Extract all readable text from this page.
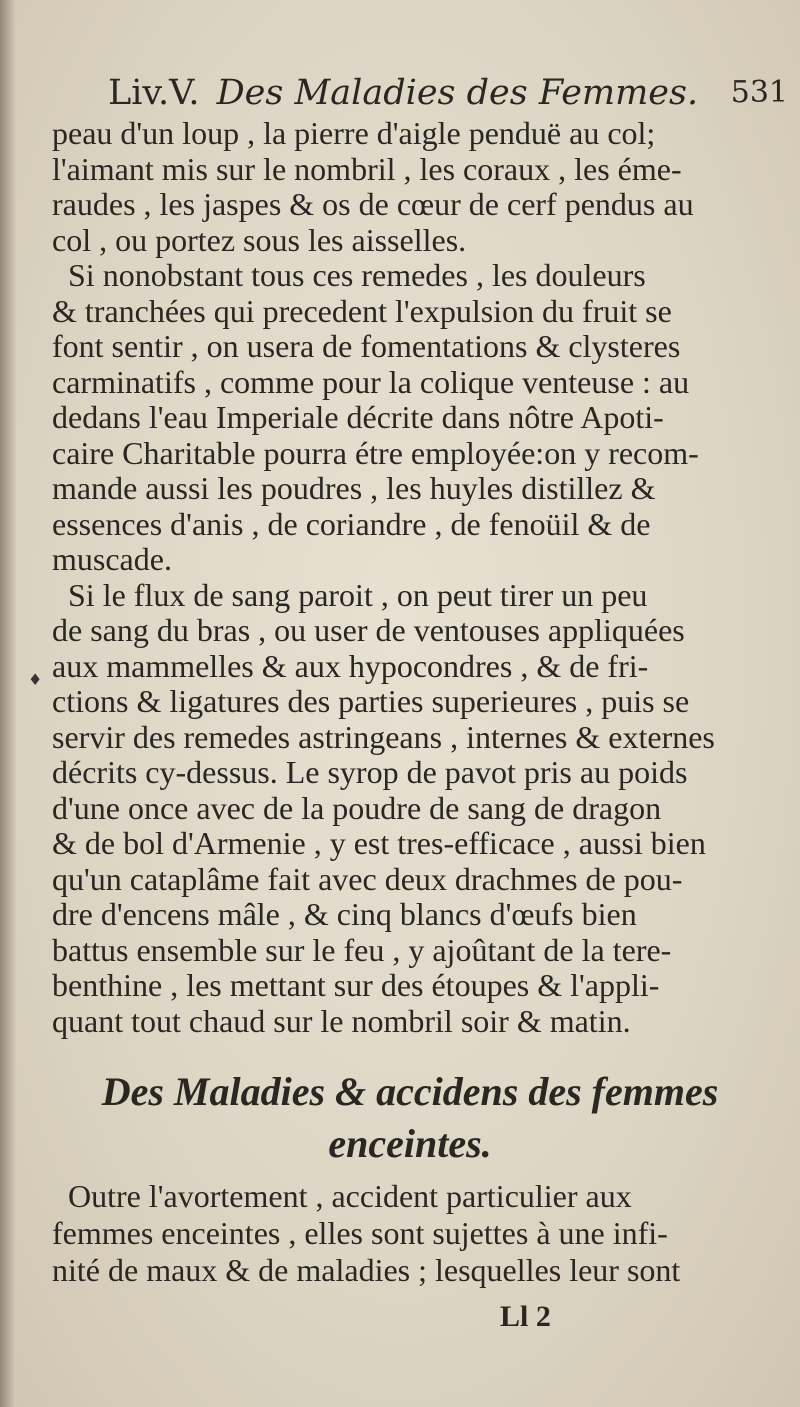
Liv.V. Des Maladies des Femmes. 531
peau d'un loup , la pierre d'aigle penduë au col;
l'aimant mis sur le nombril , les coraux , les éme-
raudes , les jaspes & os de cœur de cerf pendus au
col , ou portez sous les aisselles.
Si nonobstant tous ces remedes , les douleurs
& tranchées qui precedent l'expulsion du fruit se
font sentir , on usera de fomentations & clysteres
carminatifs , comme pour la colique venteuse : au
dedans l'eau Imperiale décrite dans nôtre Apoti-
caire Charitable pourra étre employée:on y recom-
mande aussi les poudres , les huyles distillez &
essences d'anis , de coriandre , de fenoüil & de
muscade.
Si le flux de sang paroit , on peut tirer un peu
de sang du bras , ou user de ventouses appliquées
aux mammelles & aux hypocondres , & de fri-
ctions & ligatures des parties superieures , puis se
servir des remedes astringeans , internes & externes
décrits cy-dessus. Le syrop de pavot pris au poids
d'une once avec de la poudre de sang de dragon
& de bol d'Armenie , y est tres-efficace , aussi bien
qu'un cataplâme fait avec deux drachmes de pou-
dre d'encens mâle , & cinq blancs d'œufs bien
battus ensemble sur le feu , y ajoûtant de la tere-
benthine , les mettant sur des étoupes & l'appli-
quant tout chaud sur le nombril soir & matin.
♦
Des Maladies & accidens des femmes
enceintes.
Outre l'avortement , accident particulier aux
femmes enceintes , elles sont sujettes à une infi-
nité de maux & de maladies ; lesquelles leur sont
Ll 2
